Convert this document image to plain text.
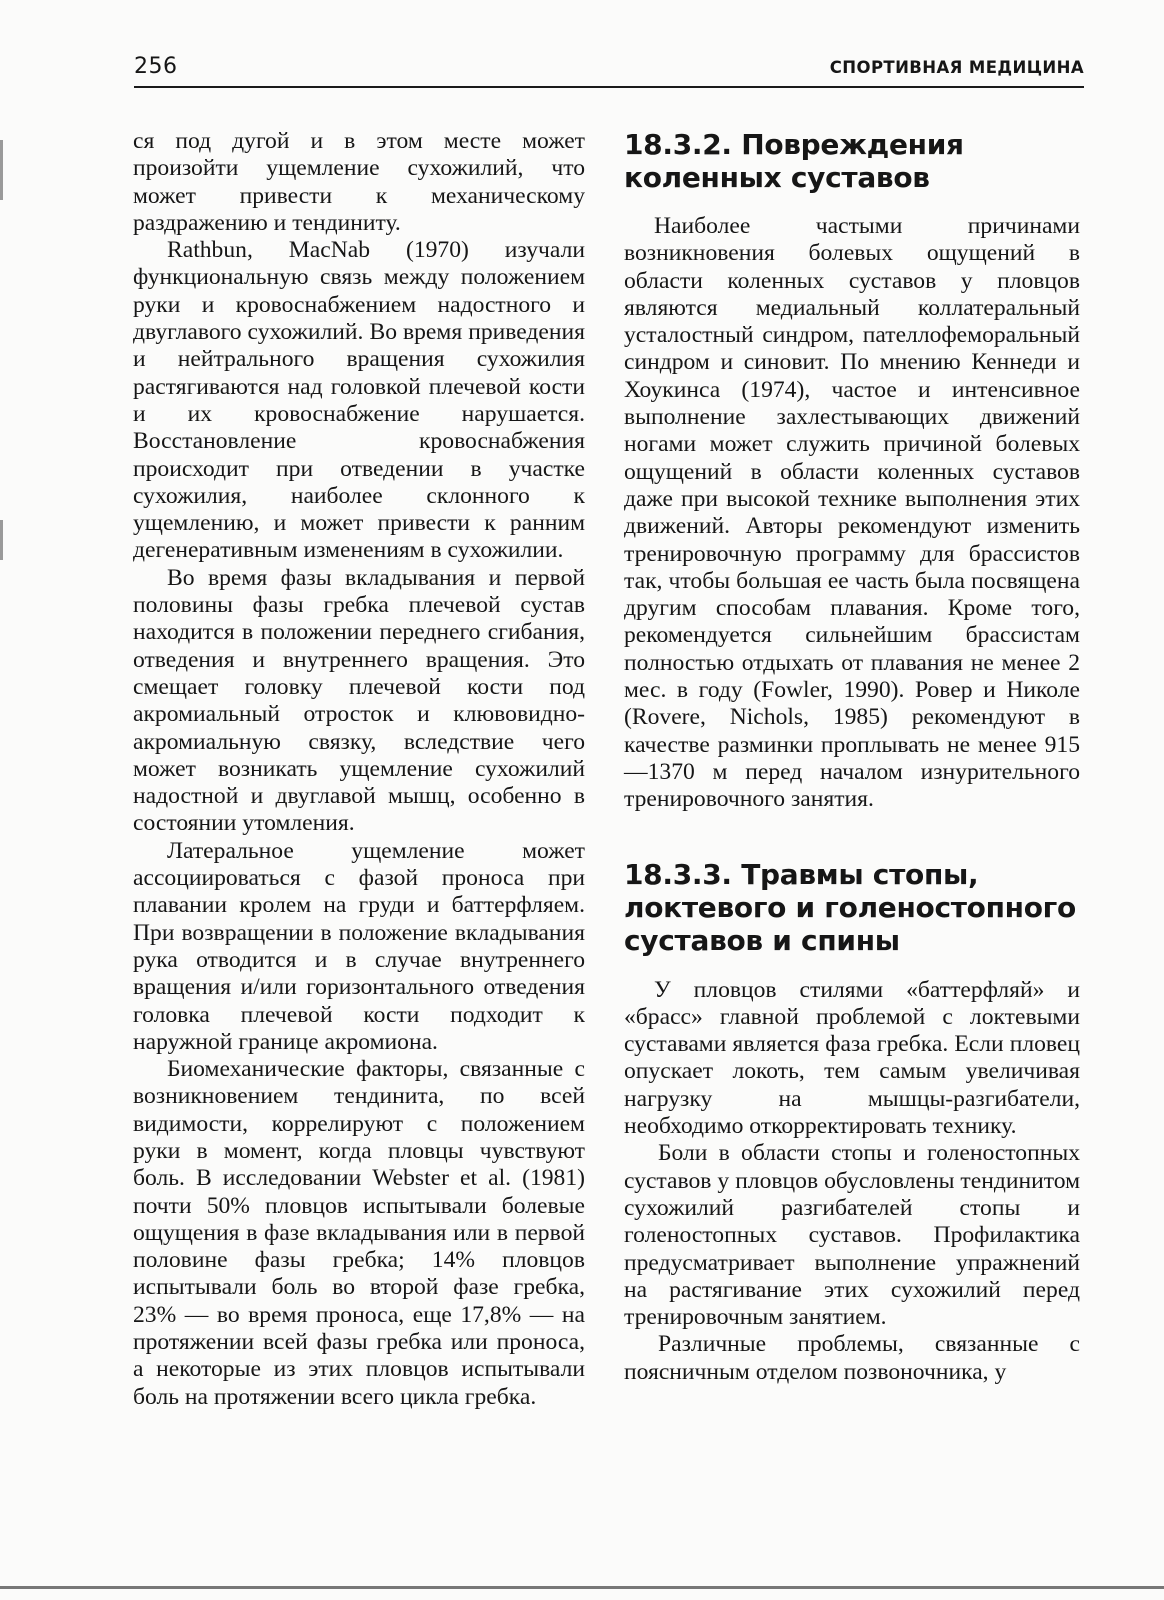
256	СПОРТИВНАЯ МЕДИЦИНА

ся под дугой и в этом месте может произойти ущемление сухожилий, что может привести к механическому раздражению и тендиниту.

Rathbun, MacNab (1970) изучали функциональную связь между положением руки и кровоснабжением надостного и двуглавого сухожилий. Во время приведения и нейтрального вращения сухожилия растягиваются над головкой плечевой кости и их кровоснабжение нарушается. Восстановление кровоснабжения происходит при отведении в участке сухожилия, наиболее склонного к ущемлению, и может привести к ранним дегенеративным изменениям в сухожилии.

Во время фазы вкладывания и первой половины фазы гребка плечевой сустав находится в положении переднего сгибания, отведения и внутреннего вращения. Это смещает головку плечевой кости под акромиальный отросток и клювовидно-акромиальную связку, вследствие чего может возникать ущемление сухожилий надостной и двуглавой мышц, особенно в состоянии утомления.

Латеральное ущемление может ассоциироваться с фазой проноса при плавании кролем на груди и баттерфляем. При возвращении в положение вкладывания рука отводится и в случае внутреннего вращения и/или горизонтального отведения головка плечевой кости подходит к наружной границе акромиона.

Биомеханические факторы, связанные с возникновением тендинита, по всей видимости, коррелируют с положением руки в момент, когда пловцы чувствуют боль. В исследовании Webster et al. (1981) почти 50% пловцов испытывали болевые ощущения в фазе вкладывания или в первой половине фазы гребка; 14% пловцов испытывали боль во второй фазе гребка, 23% — во время проноса, еще 17,8% — на протяжении всей фазы гребка или проноса, а некоторые из этих пловцов испытывали боль на протяжении всего цикла гребка.

18.3.2. Повреждения коленных суставов

Наиболее частыми причинами возникновения болевых ощущений в области коленных суставов у пловцов являются медиальный коллатеральный усталостный синдром, пателлофеморальный синдром и синовит. По мнению Кеннеди и Хоукинса (1974), частое и интенсивное выполнение захлестывающих движений ногами может служить причиной болевых ощущений в области коленных суставов даже при высокой технике выполнения этих движений. Авторы рекомендуют изменить тренировочную программу для брассистов так, чтобы большая ее часть была посвящена другим способам плавания. Кроме того, рекомендуется сильнейшим брассистам полностью отдыхать от плавания не менее 2 мес. в году (Fowler, 1990). Ровер и Николе (Rovere, Nichols, 1985) рекомендуют в качестве разминки проплывать не менее 915—1370 м перед началом изнурительного тренировочного занятия.

18.3.3. Травмы стопы, локтевого и голеностопного суставов и спины

У пловцов стилями «баттерфляй» и «брасс» главной проблемой с локтевыми суставами является фаза гребка. Если пловец опускает локоть, тем самым увеличивая нагрузку на мышцы-разгибатели, необходимо откорректировать технику.

Боли в области стопы и голеностопных суставов у пловцов обусловлены тендинитом сухожилий разгибателей стопы и голеностопных суставов. Профилактика предусматривает выполнение упражнений на растягивание этих сухожилий перед тренировочным занятием.

Различные проблемы, связанные с поясничным отделом позвоночника, у
